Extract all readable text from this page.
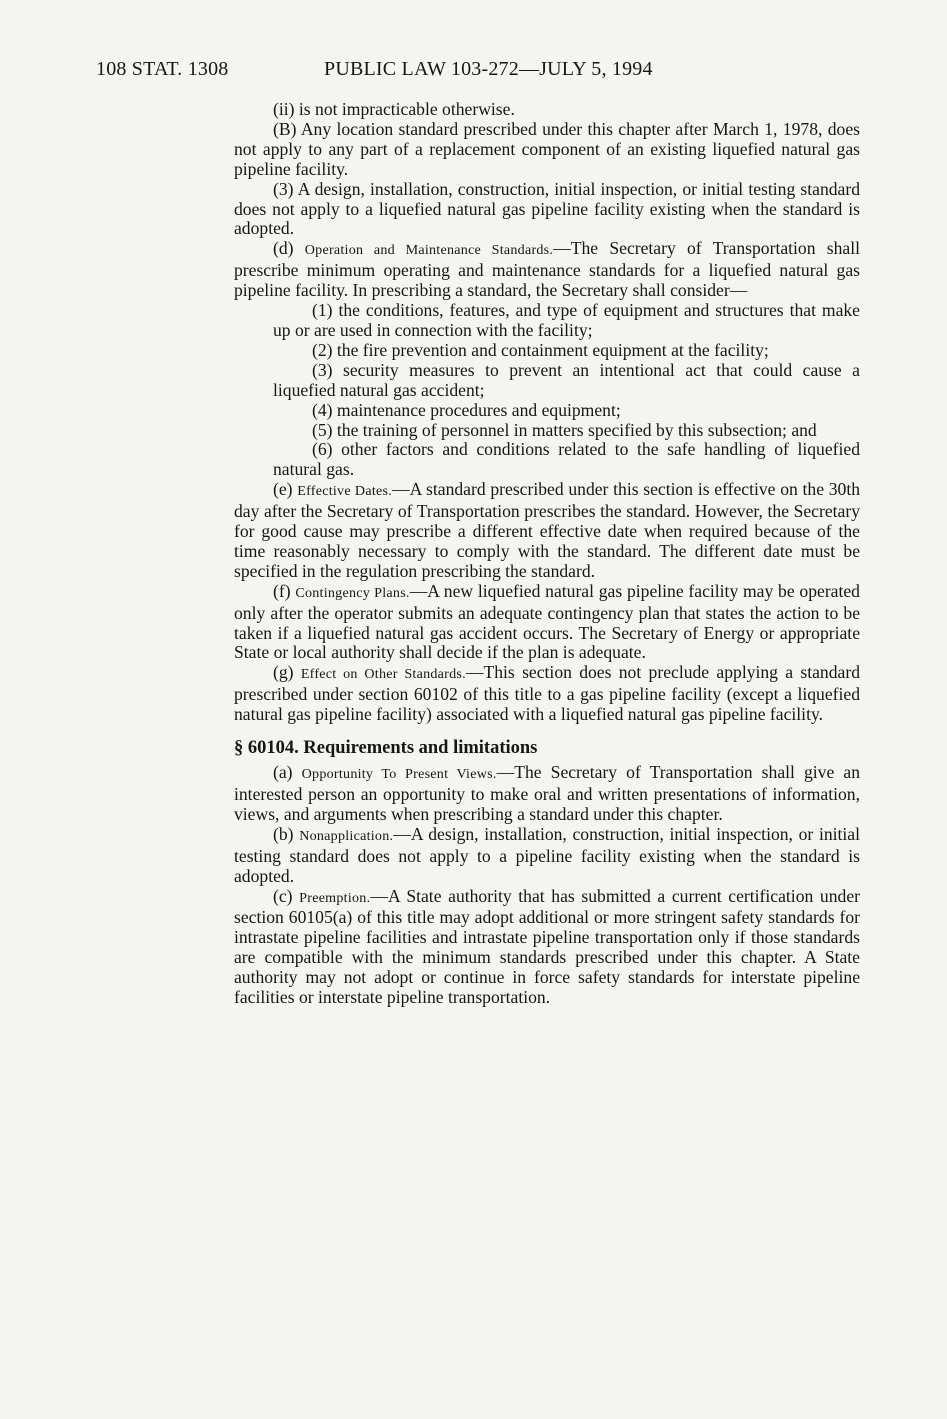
108 STAT. 1308	PUBLIC LAW 103-272—JULY 5, 1994

(ii) is not impracticable otherwise.

(B) Any location standard prescribed under this chapter after March 1, 1978, does not apply to any part of a replacement component of an existing liquefied natural gas pipeline facility.

(3) A design, installation, construction, initial inspection, or initial testing standard does not apply to a liquefied natural gas pipeline facility existing when the standard is adopted.

(d) Operation and Maintenance Standards.—The Secretary of Transportation shall prescribe minimum operating and maintenance standards for a liquefied natural gas pipeline facility. In prescribing a standard, the Secretary shall consider—

(1) the conditions, features, and type of equipment and structures that make up or are used in connection with the facility;

(2) the fire prevention and containment equipment at the facility;

(3) security measures to prevent an intentional act that could cause a liquefied natural gas accident;

(4) maintenance procedures and equipment;

(5) the training of personnel in matters specified by this subsection; and

(6) other factors and conditions related to the safe handling of liquefied natural gas.

(e) Effective Dates.—A standard prescribed under this section is effective on the 30th day after the Secretary of Transportation prescribes the standard. However, the Secretary for good cause may prescribe a different effective date when required because of the time reasonably necessary to comply with the standard. The different date must be specified in the regulation prescribing the standard.

(f) Contingency Plans.—A new liquefied natural gas pipeline facility may be operated only after the operator submits an adequate contingency plan that states the action to be taken if a liquefied natural gas accident occurs. The Secretary of Energy or appropriate State or local authority shall decide if the plan is adequate.

(g) Effect on Other Standards.—This section does not preclude applying a standard prescribed under section 60102 of this title to a gas pipeline facility (except a liquefied natural gas pipeline facility) associated with a liquefied natural gas pipeline facility.

§ 60104. Requirements and limitations

(a) Opportunity To Present Views.—The Secretary of Transportation shall give an interested person an opportunity to make oral and written presentations of information, views, and arguments when prescribing a standard under this chapter.

(b) Nonapplication.—A design, installation, construction, initial inspection, or initial testing standard does not apply to a pipeline facility existing when the standard is adopted.

(c) Preemption.—A State authority that has submitted a current certification under section 60105(a) of this title may adopt additional or more stringent safety standards for intrastate pipeline facilities and intrastate pipeline transportation only if those standards are compatible with the minimum standards prescribed under this chapter. A State authority may not adopt or continue in force safety standards for interstate pipeline facilities or interstate pipeline transportation.
